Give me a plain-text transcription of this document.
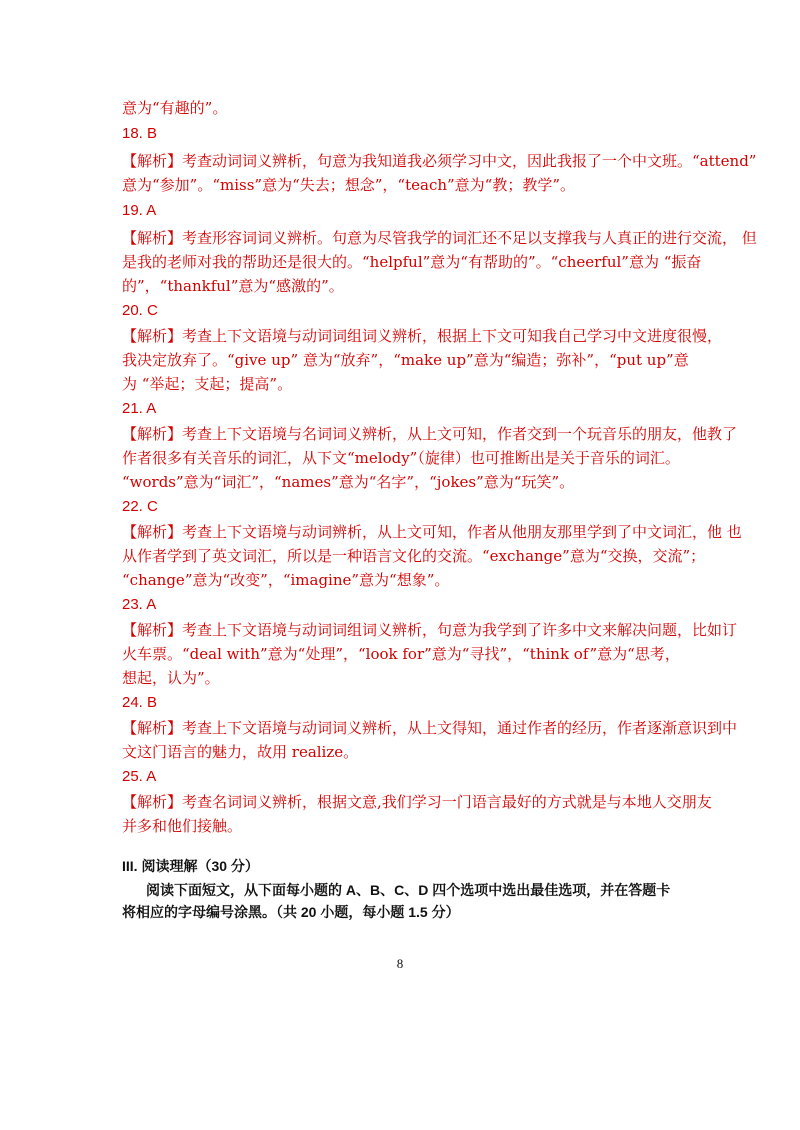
意为“有趣的”。
18. B
【解析】考查动词词义辨析，句意为我知道我必须学习中文，因此我报了一个中文班。“attend”
意为“参加”。“miss”意为“失去；想念”，“teach”意为“教；教学”。
19. A
【解析】考查形容词词义辨析。句意为尽管我学的词汇还不足以支撑我与人真正的进行交流， 但
是我的老师对我的帮助还是很大的。“helpful”意为“有帮助的”。“cheerful”意为 “振奋
的”，“thankful”意为“感激的”。
20. C
【解析】考查上下文语境与动词词组词义辨析，根据上下文可知我自己学习中文进度很慢，
我决定放弃了。“give up” 意为“放弃”，“make up”意为“编造；弥补”，“put up”意
为 “举起；支起；提高”。
21. A
【解析】考查上下文语境与名词词义辨析，从上文可知，作者交到一个玩音乐的朋友，他教了
作者很多有关音乐的词汇，从下文“melody”（旋律）也可推断出是关于音乐的词汇。
“words”意为“词汇”，“names”意为“名字”，“jokes”意为“玩笑”。
22. C
【解析】考查上下文语境与动词辨析，从上文可知，作者从他朋友那里学到了中文词汇，他 也
从作者学到了英文词汇，所以是一种语言文化的交流。“exchange”意为“交换，交流”；
“change”意为“改变”，“imagine”意为“想象”。
23. A
【解析】考查上下文语境与动词词组词义辨析，句意为我学到了许多中文来解决问题，比如订
火车票。“deal with”意为“处理”，“look for”意为“寻找”，“think of”意为“思考，
想起，认为”。
24. B
【解析】考查上下文语境与动词词义辨析，从上文得知，通过作者的经历，作者逐渐意识到中
文这门语言的魅力，故用 realize。
25. A
【解析】考查名词词义辨析，根据文意,我们学习一门语言最好的方式就是与本地人交朋友
并多和他们接触。
III. 阅读理解（30 分）
阅读下面短文，从下面每小题的 A、B、C、D 四个选项中选出最佳选项，并在答题卡
将相应的字母编号涂黑。（共 20 小题，每小题 1.5 分）
8
